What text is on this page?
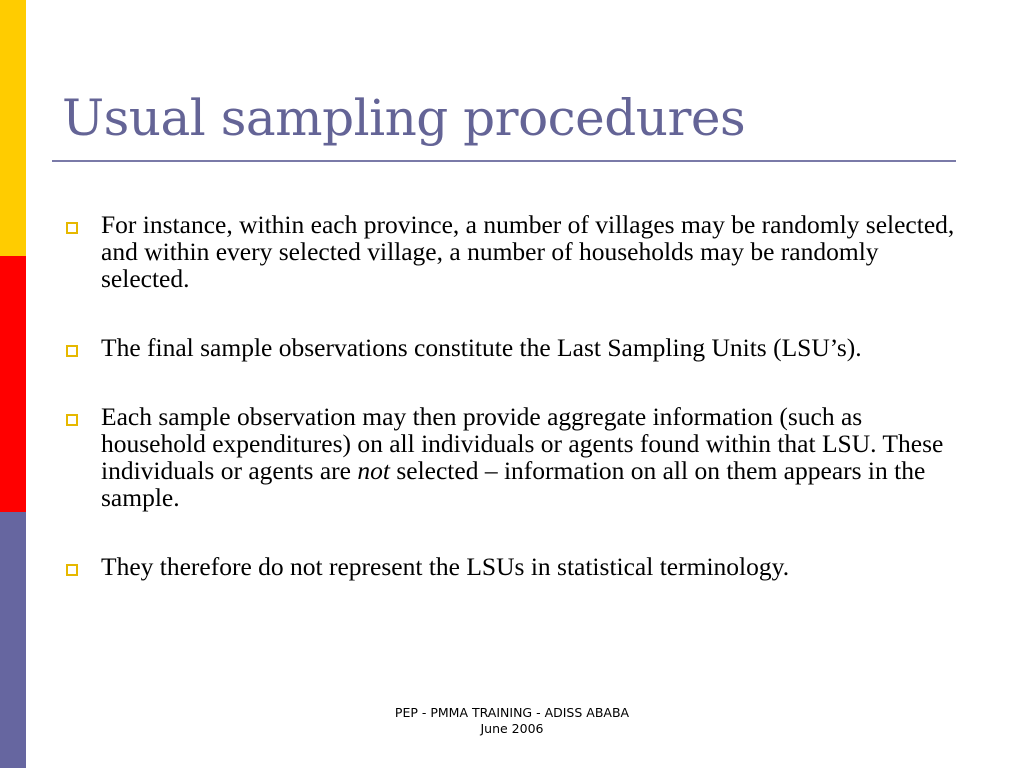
Usual sampling procedures
For instance, within each province, a number of villages may be randomly selected, and within every selected village, a number of households may be randomly selected.
The final sample observations constitute the Last Sampling Units (LSU’s).
Each sample observation may then provide aggregate information (such as household expenditures) on all individuals or agents found within that LSU. These individuals or agents are not selected – information on all on them appears in the sample.
They therefore do not represent the LSUs in statistical terminology.
PEP - PMMA TRAINING - ADISS ABABA
June 2006
